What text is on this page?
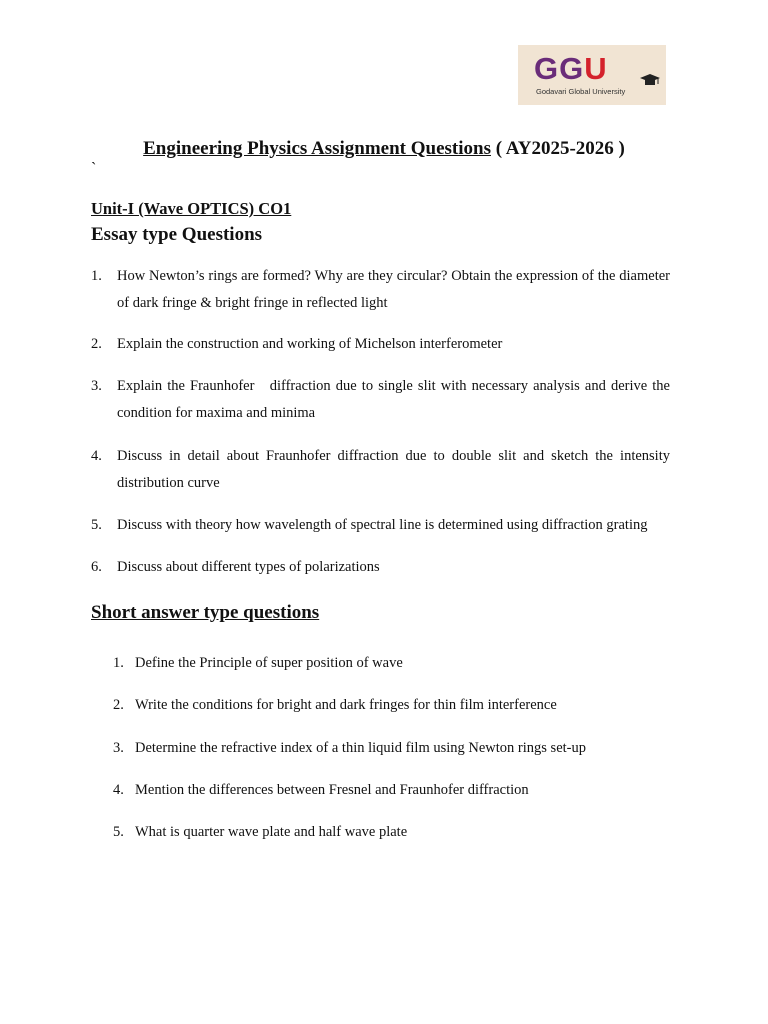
GGU
Godavari Global University
Engineering Physics Assignment Questions ( AY2025-2026 )
`
Unit-I (Wave OPTICS) CO1
Essay type Questions
1. How Newton’s rings are formed? Why are they circular? Obtain the expression of the diameter of dark fringe & bright fringe in reflected light
2. Explain the construction and working of Michelson interferometer
3. Explain the Fraunhofer   diffraction due to single slit with necessary analysis and derive the condition for maxima and minima
4. Discuss in detail about Fraunhofer diffraction due to double slit and sketch the intensity distribution curve
5. Discuss with theory how wavelength of spectral line is determined using diffraction grating
6. Discuss about different types of polarizations
Short answer type questions
1. Define the Principle of super position of wave
2. Write the conditions for bright and dark fringes for thin film interference
3. Determine the refractive index of a thin liquid film using Newton rings set-up
4. Mention the differences between Fresnel and Fraunhofer diffraction
5. What is quarter wave plate and half wave plate
